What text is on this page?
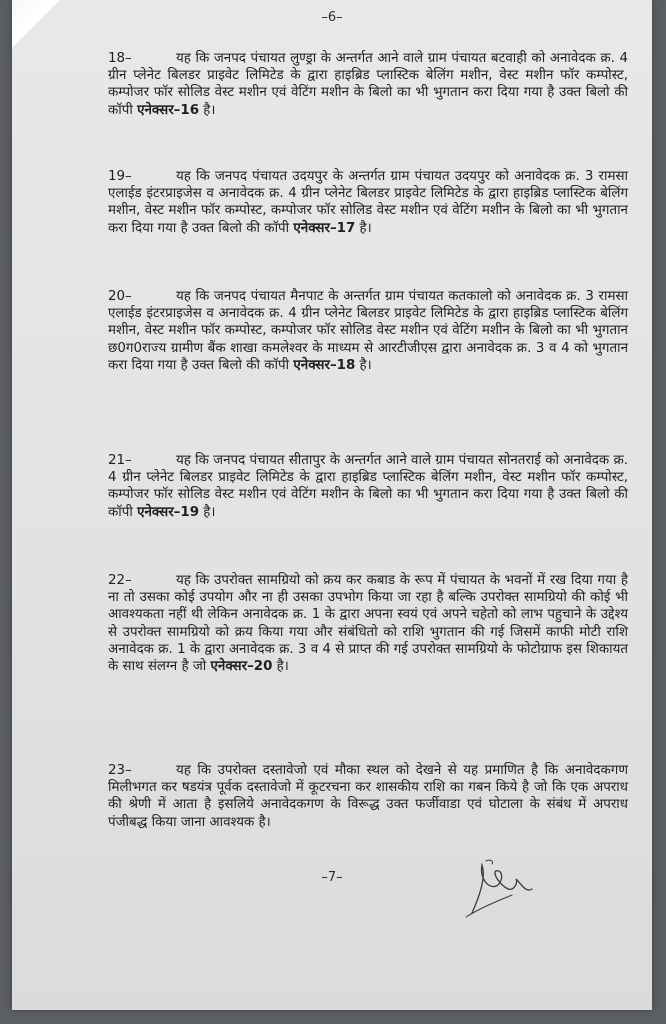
–6–
18–	यह कि जनपद पंचायत लुण्ड्रा के अन्तर्गत आने वाले ग्राम पंचायत बटवाही को अनावेदक क्र. 4 ग्रीन प्लेनेट बिलडर प्राइवेट लिमिटेड के द्वारा हाइब्रिड प्लास्टिक बेलिंग मशीन, वेस्ट मशीन फॉर कम्पोस्ट, कम्पोजर फॉर सोलिड वेस्ट मशीन एवं वेटिंग मशीन के बिलो का भी भुगतान करा दिया गया है उक्त बिलो की कॉपी एनेक्सर–16 है।
19–	यह कि जनपद पंचायत उदयपुर के अन्तर्गत ग्राम पंचायत उदयपुर को अनावेदक क्र. 3 रामसा एलाईड इंटरप्राइजेस व अनावेदक क्र. 4 ग्रीन प्लेनेट बिलडर प्राइवेट लिमिटेड के द्वारा हाइब्रिड प्लास्टिक बेलिंग मशीन, वेस्ट मशीन फॉर कम्पोस्ट, कम्पोजर फॉर सोलिड वेस्ट मशीन एवं वेटिंग मशीन के बिलो का भी भुगतान करा दिया गया है उक्त बिलो की कॉपी एनेक्सर–17 है।
20–	यह कि जनपद पंचायत मैनपाट के अन्तर्गत ग्राम पंचायत कतकालो को अनावेदक क्र. 3 रामसा एलाईड इंटरप्राइजेस व अनावेदक क्र. 4 ग्रीन प्लेनेट बिलडर प्राइवेट लिमिटेड के द्वारा हाइब्रिड प्लास्टिक बेलिंग मशीन, वेस्ट मशीन फॉर कम्पोस्ट, कम्पोजर फॉर सोलिड वेस्ट मशीन एवं वेटिंग मशीन के बिलो का भी भुगतान छ0ग0राज्य ग्रामीण बैंक शाखा कमलेश्वर के माध्यम से आरटीजीएस द्वारा अनावेदक क्र. 3 व 4 को भुगतान करा दिया गया है उक्त बिलो की कॉपी एनेक्सर–18 है।
21–	यह कि जनपद पंचायत सीतापुर के अन्तर्गत आने वाले ग्राम पंचायत सोनतराई को अनावेदक क्र. 4 ग्रीन प्लेनेट बिलडर प्राइवेट लिमिटेड के द्वारा हाइब्रिड प्लास्टिक बेलिंग मशीन, वेस्ट मशीन फॉर कम्पोस्ट, कम्पोजर फॉर सोलिड वेस्ट मशीन एवं वेटिंग मशीन के बिलो का भी भुगतान करा दिया गया है उक्त बिलो की कॉपी एनेक्सर–19 है।
22–	यह कि उपरोक्त सामग्रियो को क्रय कर कबाड के रूप में पंचायत के भवनों में रख दिया गया है ना तो उसका कोई उपयोग और ना ही उसका उपभोग किया जा रहा है बल्कि उपरोक्त सामग्रियो की कोई भी आवश्यकता नहीं थी लेकिन अनावेदक क्र. 1 के द्वारा अपना स्वयं एवं अपने चहेतो को लाभ पहुचाने के उद्देश्य से उपरोक्त सामग्रियो को क्रय किया गया और संबंधितो को राशि भुगतान की गई जिसमें काफी मोटी राशि अनावेदक क्र. 1 के द्वारा अनावेदक क्र. 3 व 4 से प्राप्त की गई उपरोक्त सामग्रियो के फोटोग्राफ इस शिकायत के साथ संलग्न है जो एनेक्सर–20 है।
23–	यह कि उपरोक्त दस्तावेजो एवं मौका स्थल को देखने से यह प्रमाणित है कि अनावेदकगण मिलीभगत कर षडयंत्र पूर्वक दस्तावेजो में कूटरचना कर शासकीय राशि का गबन किये है जो कि एक अपराध की श्रेणी में आता है इसलिये अनावेदकगण के विरूद्ध उक्त फर्जीवाडा एवं घोटाला के संबंध में अपराध पंजीबद्ध किया जाना आवश्यक है।
–7–
